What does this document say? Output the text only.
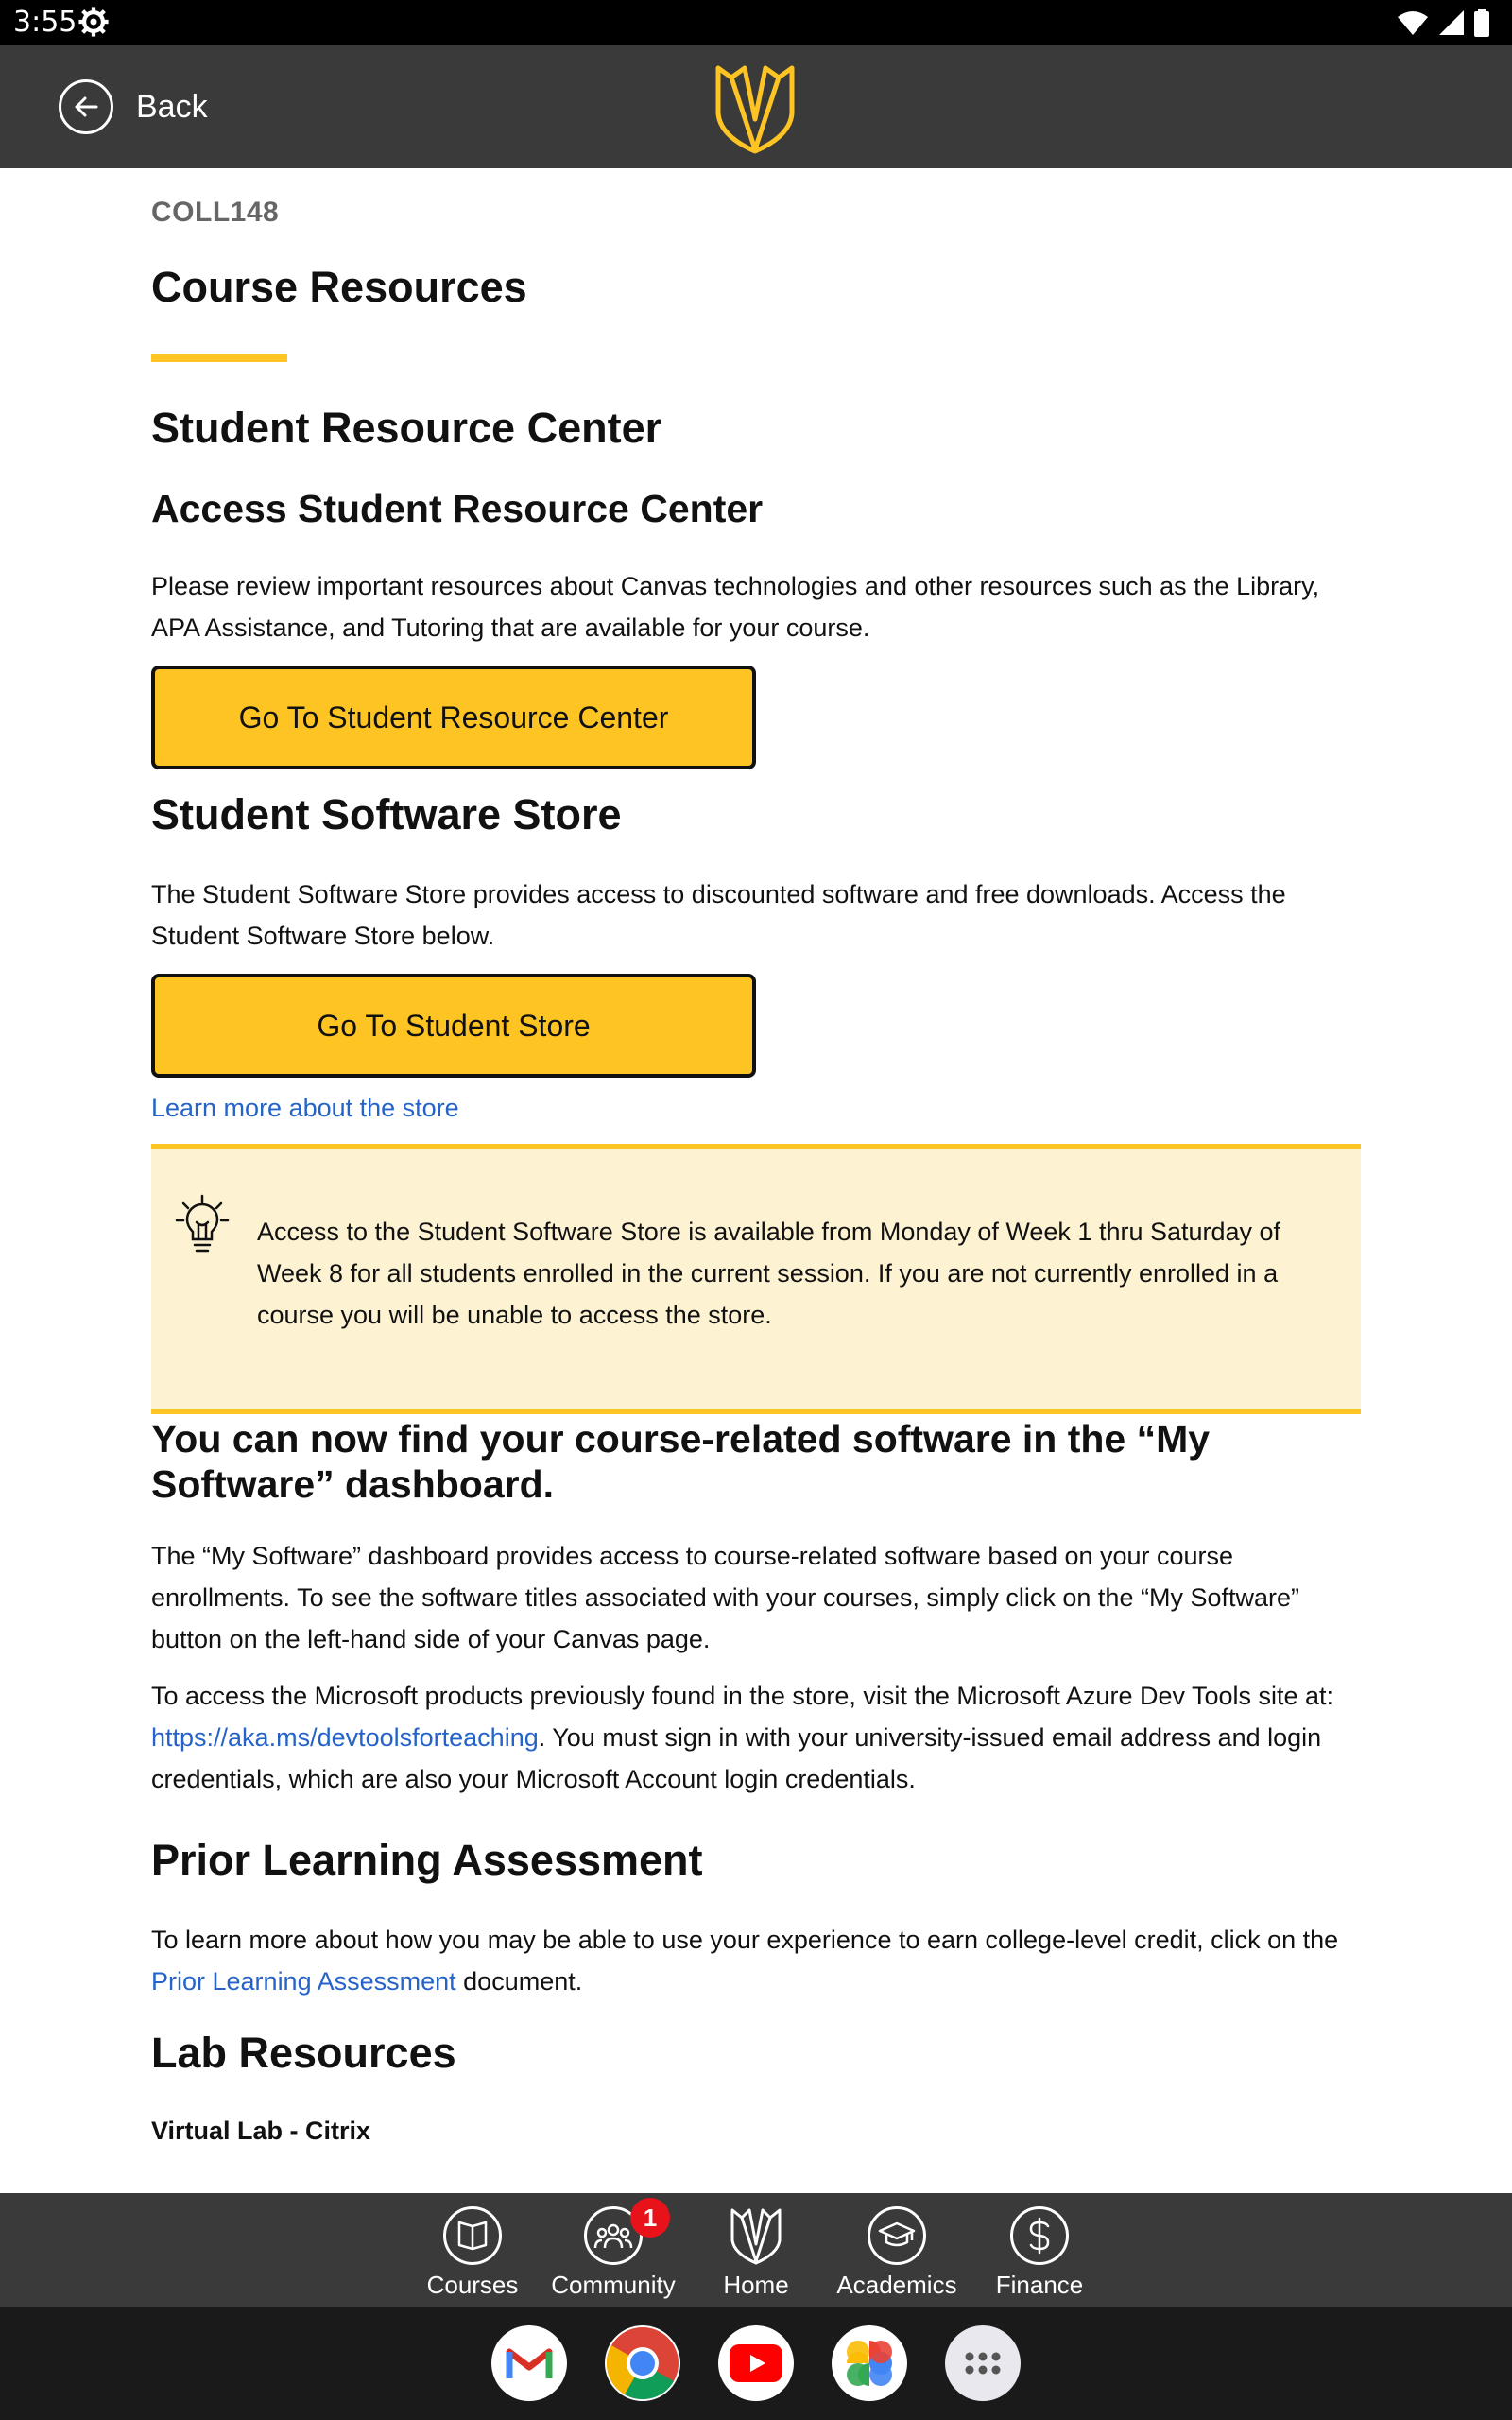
3:55
Back
COLL148
Course Resources
Student Resource Center
Access Student Resource Center

Please review important resources about Canvas technologies and other resources such as the Library, APA Assistance, and Tutoring that are available for your course.

Go To Student Resource Center
Student Software Store

The Student Software Store provides access to discounted software and free downloads. Access the Student Software Store below.

Go To Student Store

Learn more about the store

Access to the Student Software Store is available from Monday of Week 1 thru Saturday of Week 8 for all students enrolled in the current session. If you are not currently enrolled in a course you will be unable to access the store.

You can now find your course-related software in the “My Software” dashboard.

The “My Software” dashboard provides access to course-related software based on your course enrollments. To see the software titles associated with your courses, simply click on the “My Software” button on the left-hand side of your Canvas page.

To access the Microsoft products previously found in the store, visit the Microsoft Azure Dev Tools site at: https://aka.ms/devtoolsforteaching. You must sign in with your university-issued email address and login credentials, which are also your Microsoft Account login credentials.

Prior Learning Assessment

To learn more about how you may be able to use your experience to earn college-level credit, click on the Prior Learning Assessment document.

Lab Resources

Virtual Lab - Citrix

Courses
1
Community Home Academics Finance
